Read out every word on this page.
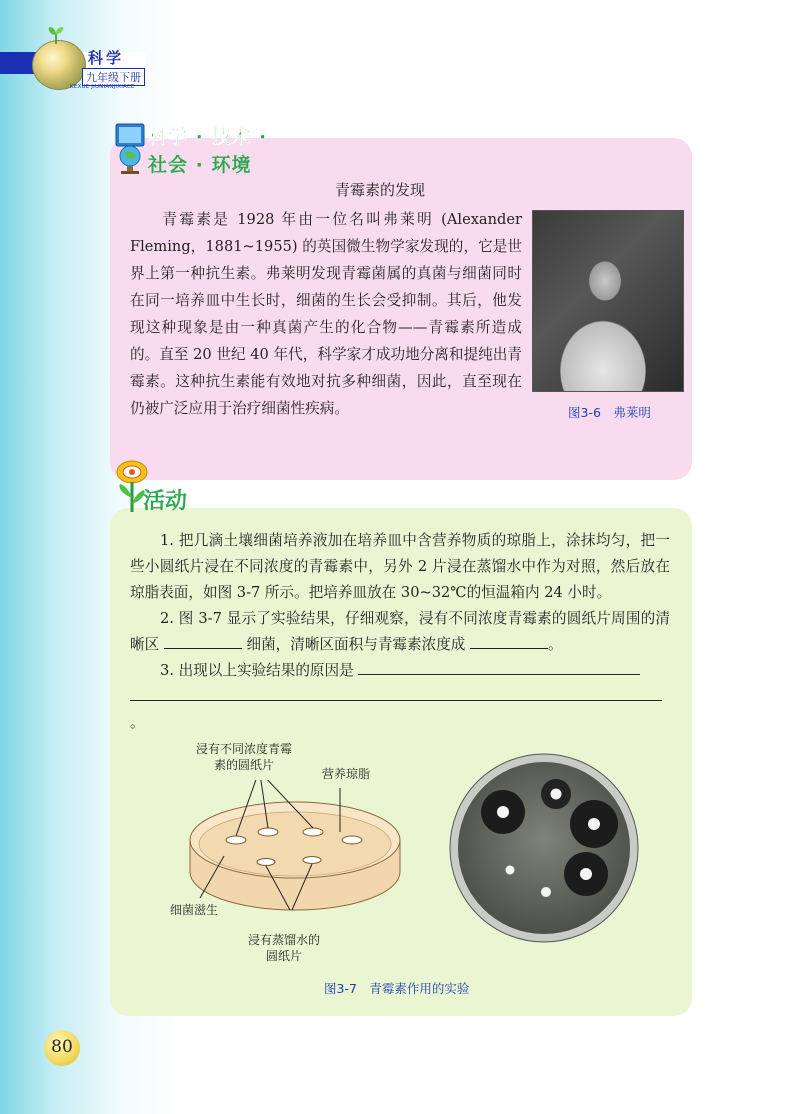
科学
九年级下册
KEXUE JIUNIANJIXIACE
科学 · 技术 ·
社会 · 环境
青霉素的发现
青霉素是 1928 年由一位名叫弗莱明 (Alexander Fleming，1881~1955) 的英国微生物学家发现的，它是世界上第一种抗生素。弗莱明发现青霉菌属的真菌与细菌同时在同一培养皿中生长时，细菌的生长会受抑制。其后，他发现这种现象是由一种真菌产生的化合物——青霉素所造成的。直至 20 世纪 40 年代，科学家才成功地分离和提纯出青霉素。这种抗生素能有效地对抗多种细菌，因此，直至现在仍被广泛应用于治疗细菌性疾病。	图3-6　弗莱明
活动

1. 把几滴土壤细菌培养液加在培养皿中含营养物质的琼脂上，涂抹均匀，把一些小圆纸片浸在不同浓度的青霉素中，另外 2 片浸在蒸馏水中作为对照，然后放在琼脂表面，如图 3-7 所示。把培养皿放在 30~32℃的恒温箱内 24 小时。

2. 图 3-7 显示了实验结果，仔细观察，浸有不同浓度青霉素的圆纸片周围的清晰区	细菌，清晰区面积与青霉素浓度成	。

3. 出现以上实验结果的原因是
。

浸有不同浓度青霉
素的圆纸片
营养琼脂
细菌滋生
浸有蒸馏水的
圆纸片
图3-7　青霉素作用的实验
80
